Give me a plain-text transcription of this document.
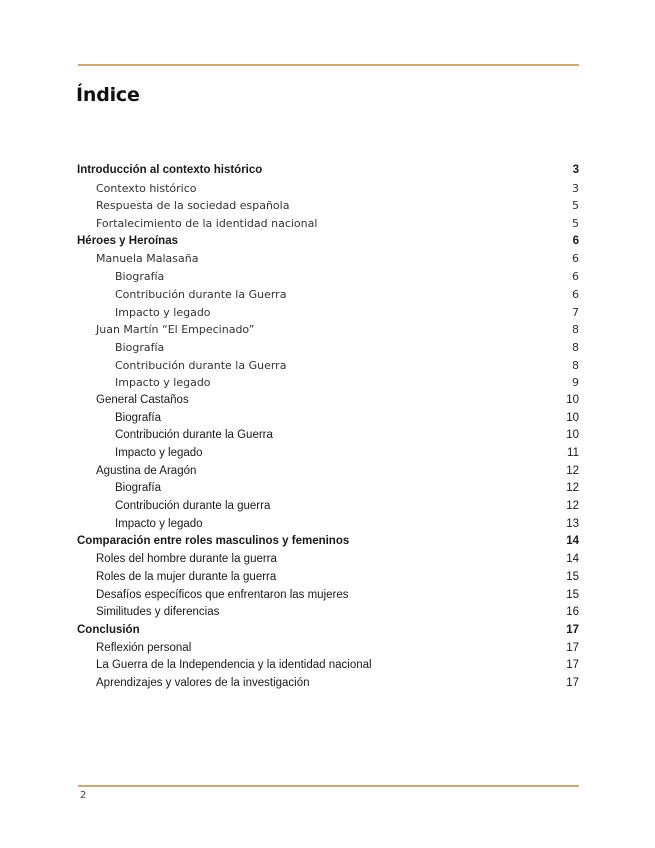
Índice
Introducción al contexto histórico	3
Contexto histórico	3
Respuesta de la sociedad española	5
Fortalecimiento de la identidad nacional	5
Héroes y Heroínas	6
Manuela Malasaña	6
Biografía	6
Contribución durante la Guerra	6
Impacto y legado	7
Juan Martín “El Empecinado”	8
Biografía	8
Contribución durante la Guerra	8
Impacto y legado	9
General Castaños	10
Biografía	10
Contribución durante la Guerra	10
Impacto y legado	11
Agustina de Aragón	12
Biografía	12
Contribución durante la guerra	12
Impacto y legado	13
Comparación entre roles masculinos y femeninos	14
Roles del hombre durante la guerra	14
Roles de la mujer durante la guerra	15
Desafíos específicos que enfrentaron las mujeres	15
Similitudes y diferencias	16
Conclusión	17
Reflexión personal	17
La Guerra de la Independencia y la identidad nacional	17
Aprendizajes y valores de la investigación	17
2
